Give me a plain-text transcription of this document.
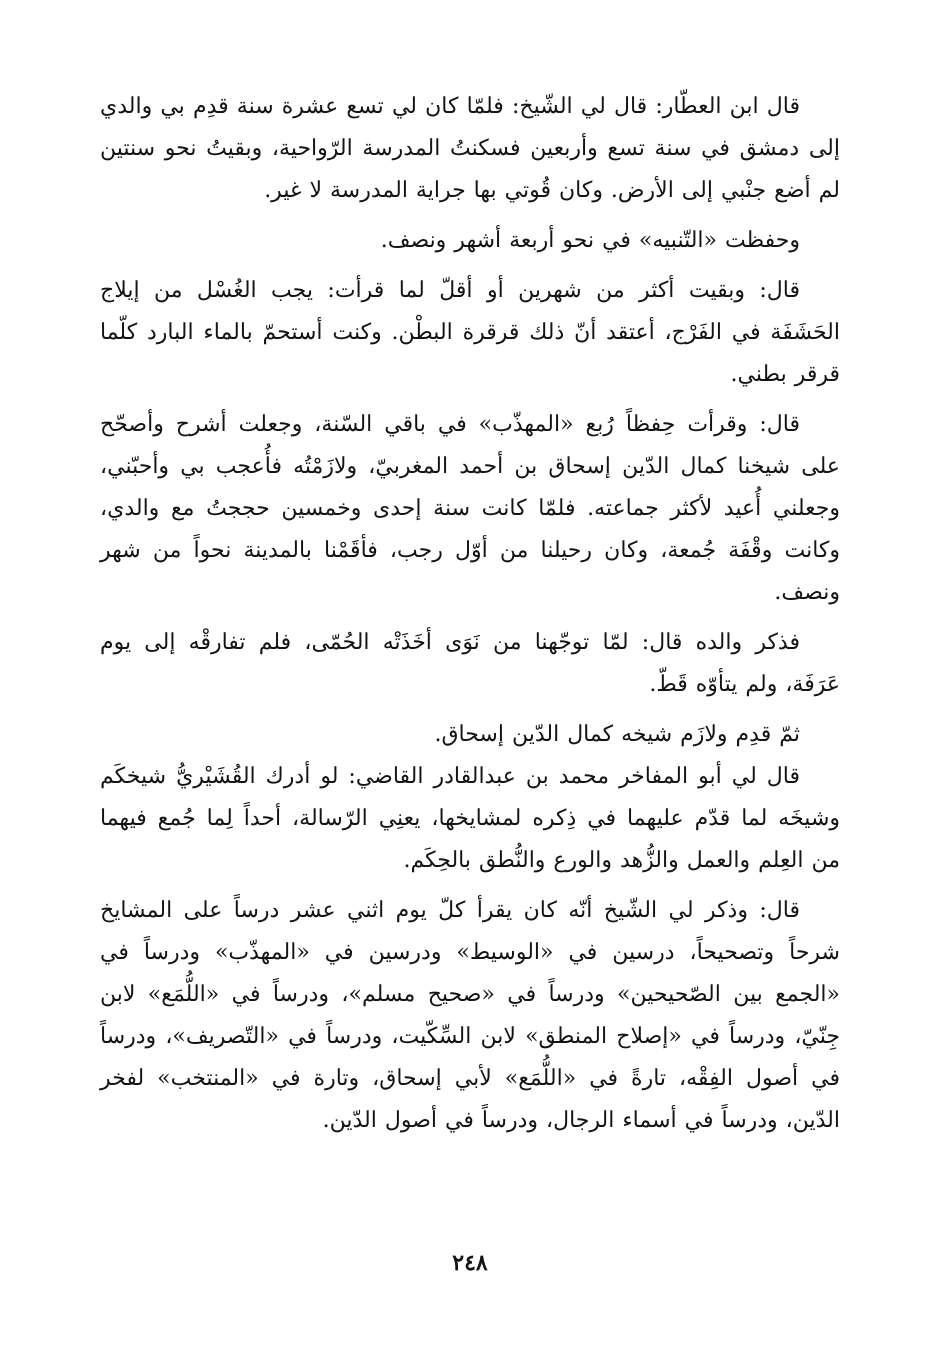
قال ابن العطّار: قال لي الشّيخ: فلمّا كان لي تسع عشرة سنة قدِم بي والدي إلى دمشق في سنة تسع وأربعين فسكنتُ المدرسة الرّواحية، وبقيتُ نحو سنتين لم أضع جنْبي إلى الأرض. وكان قُوتي بها جراية المدرسة لا غير.

وحفظت «التّنبيه» في نحو أربعة أشهر ونصف.

قال: وبقيت أكثر من شهرين أو أقلّ لما قرأت: يجب الغُسْل من إيلاج الحَشَفَة في الفَرْج، أعتقد أنّ ذلك قرقرة البطْن. وكنت أستحمّ بالماء البارد كلّما قرقر بطني.

قال: وقرأت حِفظاً رُبع «المهذّب» في باقي السّنة، وجعلت أشرح وأصحّح على شيخنا كمال الدّين إسحاق بن أحمد المغربيّ، ولازَمْتُه فأُعجب بي وأحبّني، وجعلني أُعيد لأكثر جماعته. فلمّا كانت سنة إحدى وخمسين حججتُ مع والدي، وكانت وقْفَة جُمعة، وكان رحيلنا من أوّل رجب، فأقَمْنا بالمدينة نحواً من شهر ونصف.

فذكر والده قال: لمّا توجّهنا من نَوَى أخَذَتْه الحُمّى، فلم تفارقْه إلى يوم عَرَفَة، ولم يتأوّه قَطّ.

ثمّ قدِم ولازَم شيخه كمال الدّين إسحاق.

قال لي أبو المفاخر محمد بن عبدالقادر القاضي: لو أدرك القُشَيْريُّ شيخكَم وشيخَه لما قدّم عليهما في ذِكره لمشايخها، يعنِي الرّسالة، أحداً لِما جُمع فيهما من العِلم والعمل والزُّهد والورع والنُّطق بالحِكَم.

قال: وذكر لي الشّيخ أنّه كان يقرأ كلّ يوم اثني عشر درساً على المشايخ شرحاً وتصحيحاً، درسين في «الوسيط» ودرسين في «المهذّب» ودرساً في «الجمع بين الصّحيحين» ودرساً في «صحيح مسلم»، ودرساً في «اللُّمَع» لابن جِنّيّ، ودرساً في «إصلاح المنطق» لابن السِّكّيت، ودرساً في «التّصريف»، ودرساً في أصول الفِقْه، تارةً في «اللُّمَع» لأبي إسحاق، وتارة في «المنتخب» لفخر الدّين، ودرساً في أسماء الرجال، ودرساً في أصول الدّين.

٢٤٨
